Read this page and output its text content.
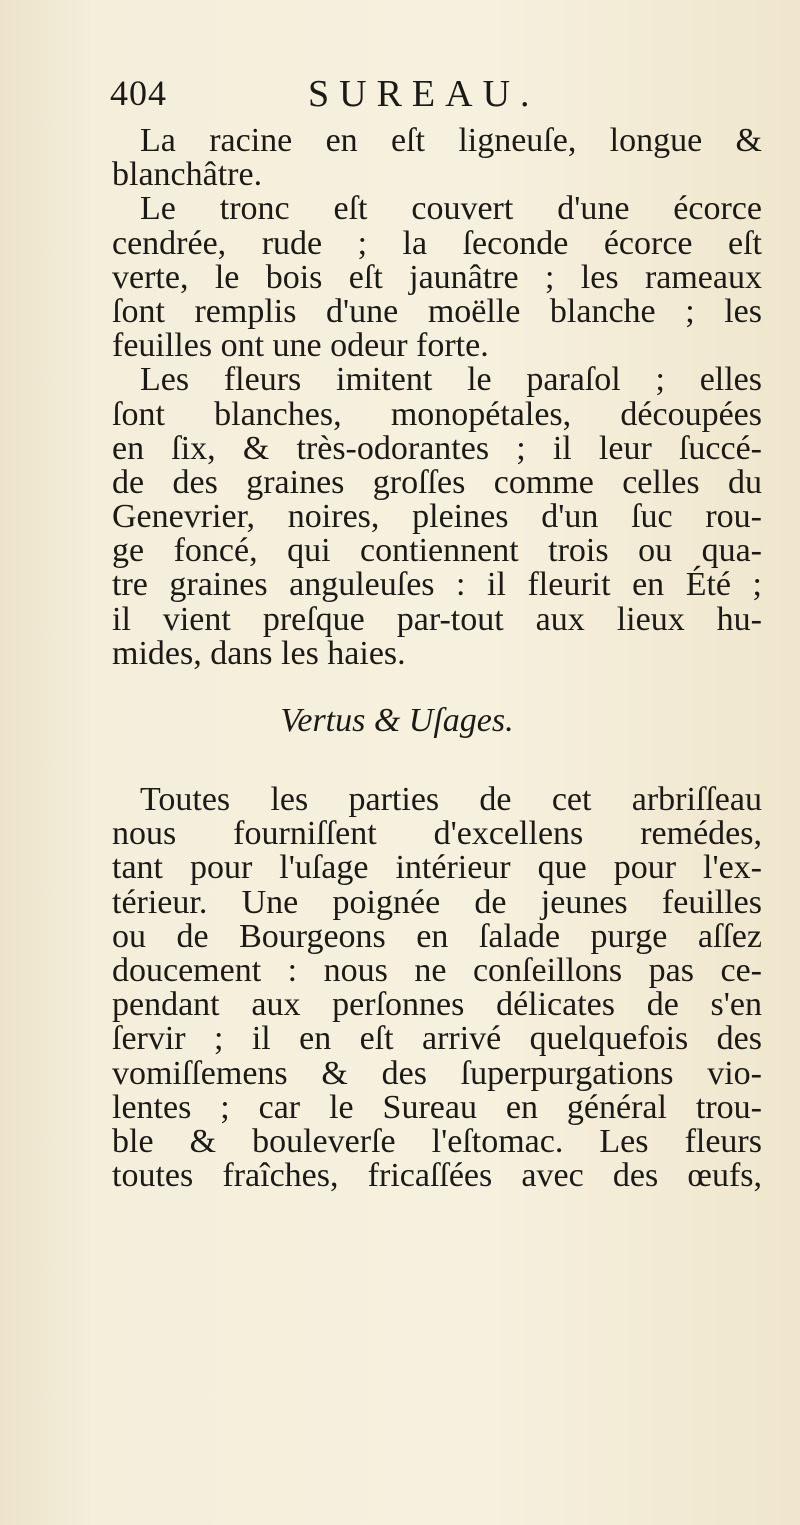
404	SUREAU.
La racine en eſt ligneuſe, longue &
blanchâtre.
Le tronc eſt couvert d'une écorce
cendrée, rude ; la ſeconde écorce eſt
verte, le bois eſt jaunâtre ; les rameaux
ſont remplis d'une moëlle blanche ; les
feuilles ont une odeur forte.
Les fleurs imitent le paraſol ; elles
ſont blanches, monopétales, découpées
en ſix, & très-odorantes ; il leur ſuccé-
de des graines groſſes comme celles du
Genevrier, noires, pleines d'un ſuc rou-
ge foncé, qui contiennent trois ou qua-
tre graines anguleuſes : il fleurit en Été ;
il vient preſque par-tout aux lieux hu-
mides, dans les haies.
Vertus & Uſages.
Toutes les parties de cet arbriſſeau
nous fourniſſent d'excellens remédes,
tant pour l'uſage intérieur que pour l'ex-
térieur. Une poignée de jeunes feuilles
ou de Bourgeons en ſalade purge aſſez
doucement : nous ne conſeillons pas ce-
pendant aux perſonnes délicates de s'en
ſervir ; il en eſt arrivé quelquefois des
vomiſſemens & des ſuperpurgations vio-
lentes ; car le Sureau en général trou-
ble & bouleverſe l'eſtomac. Les fleurs
toutes fraîches, fricaſſées avec des œufs,
